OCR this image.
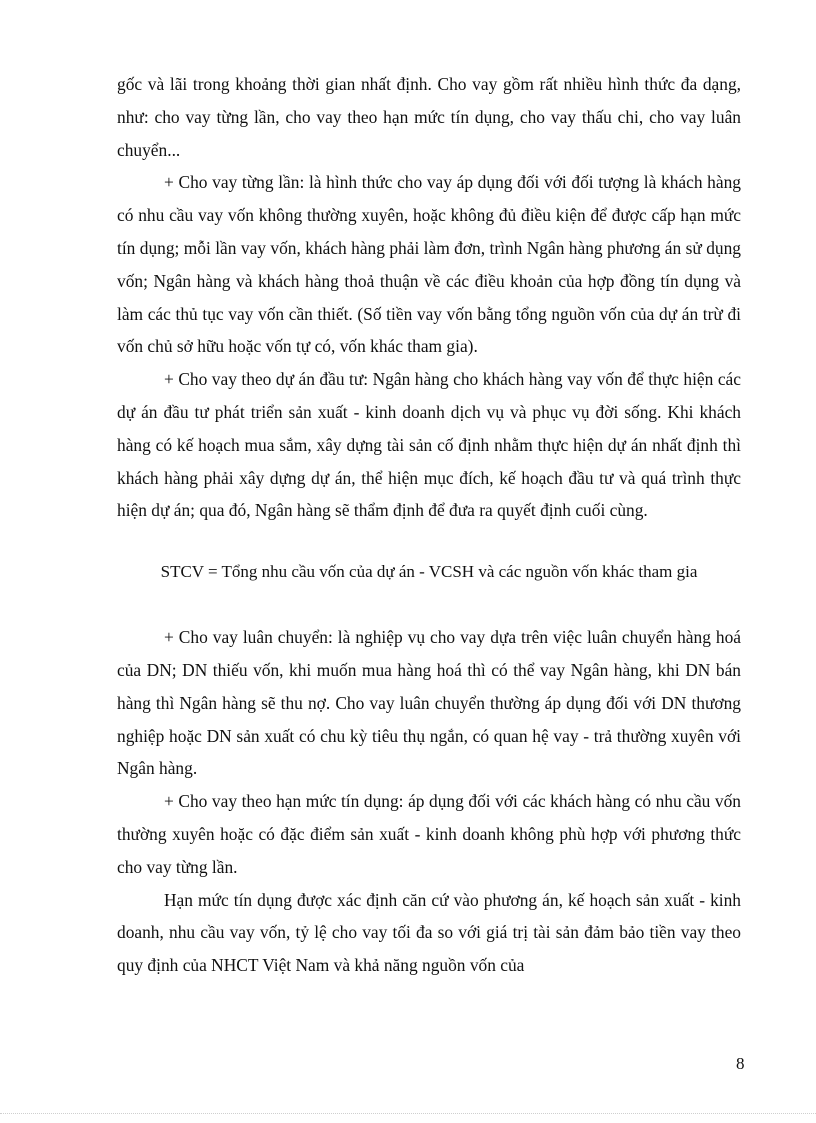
gốc và lãi trong khoảng thời gian nhất định. Cho vay gồm rất nhiều hình thức đa dạng, như: cho vay từng lần, cho vay theo hạn mức tín dụng, cho vay thấu chi, cho vay luân chuyển...

+ Cho vay từng lần: là hình thức cho vay áp dụng đối với đối tượng là khách hàng có nhu cầu vay vốn không thường xuyên, hoặc không đủ điều kiện để được cấp hạn mức tín dụng; mỗi lần vay vốn, khách hàng phải làm đơn, trình Ngân hàng phương án sử dụng vốn; Ngân hàng và khách hàng thoả thuận về các điều khoản của hợp đồng tín dụng và làm các thủ tục vay vốn cần thiết. (Số tiền vay vốn bằng tổng nguồn vốn của dự án trừ đi vốn chủ sở hữu hoặc vốn tự có, vốn khác tham gia).

+ Cho vay theo dự án đầu tư: Ngân hàng cho khách hàng vay vốn để thực hiện các dự án đầu tư phát triển sản xuất - kinh doanh dịch vụ và phục vụ đời sống. Khi khách hàng có kế hoạch mua sắm, xây dựng tài sản cố định nhằm thực hiện dự án nhất định thì khách hàng phải xây dựng dự án, thể hiện mục đích, kế hoạch đầu tư và quá trình thực hiện dự án; qua đó, Ngân hàng sẽ thẩm định để đưa ra quyết định cuối cùng.

STCV = Tổng nhu cầu vốn của dự án - VCSH và các nguồn vốn khác tham gia

+ Cho vay luân chuyển: là nghiệp vụ cho vay dựa trên việc luân chuyển hàng hoá của DN; DN thiếu vốn, khi muốn mua hàng hoá thì có thể vay Ngân hàng, khi DN bán hàng thì Ngân hàng sẽ thu nợ. Cho vay luân chuyển thường áp dụng đối với DN thương nghiệp hoặc DN sản xuất có chu kỳ tiêu thụ ngắn, có quan hệ vay - trả thường xuyên với Ngân hàng.

+ Cho vay theo hạn mức tín dụng: áp dụng đối với các khách hàng có nhu cầu vốn thường xuyên hoặc có đặc điểm sản xuất - kinh doanh không phù hợp với phương thức cho vay từng lần.

Hạn mức tín dụng được xác định căn cứ vào phương án, kế hoạch sản xuất - kinh doanh, nhu cầu vay vốn, tỷ lệ cho vay tối đa so với giá trị tài sản đảm bảo tiền vay theo quy định của NHCT Việt Nam và khả năng nguồn vốn của

8
